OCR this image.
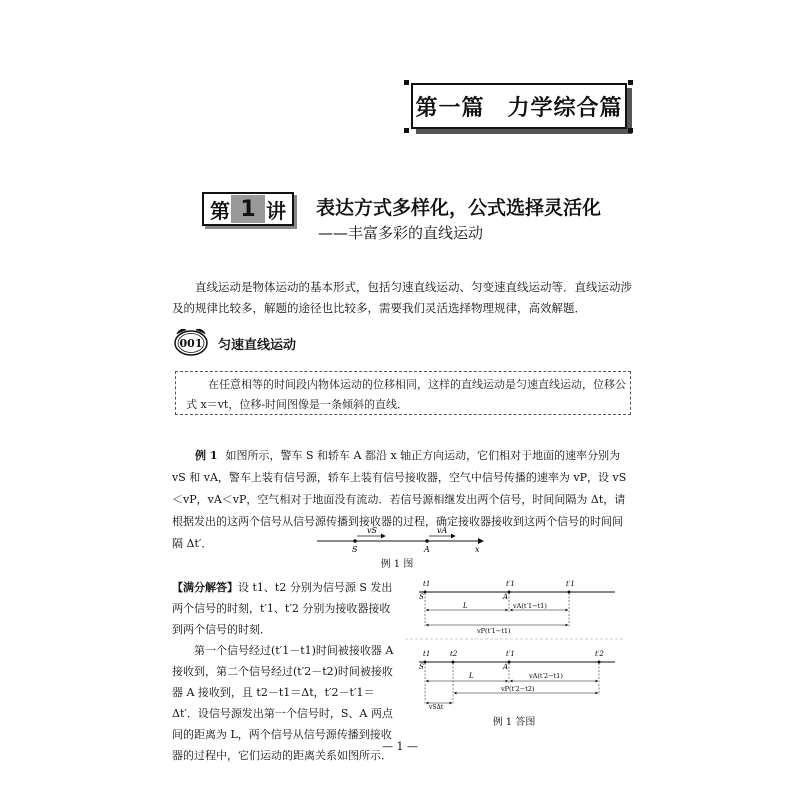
第一篇　力学综合篇
第 1 讲 表达方式多样化，公式选择灵活化
——丰富多彩的直线运动
直线运动是物体运动的基本形式，包括匀速直线运动、匀变速直线运动等．直线运动涉及的规律比较多，解题的途径也比较多，需要我们灵活选择物理规律，高效解题．
001 匀速直线运动
在任意相等的时间段内物体运动的位移相同，这样的直线运动是匀速直线运动，位移公式 x＝vt，位移-时间图像是一条倾斜的直线．
例 1 如图所示，警车 S 和轿车 A 都沿 x 轴正方向运动，它们相对于地面的速率分别为 vS 和 vA，警车上装有信号源，轿车上装有信号接收器，空气中信号传播的速率为 vP，设 vS＜vP，vA＜vP，空气相对于地面没有流动．若信号源相继发出两个信号，时间间隔为 Δt，请根据发出的这两个信号从信号源传播到接收器的过程，确定接收器接收到这两个信号的时间间隔 Δt′．
vS	vA
S	A	x
例 1 图

【满分解答】设 t1、t2 分别为信号源 S 发出两个信号的时刻，t′1、t′2 分别为接收器接收到两个信号的时刻．

第一个信号经过(t′1－t1)时间被接收器 A 接收到，第二个信号经过(t′2－t2)时间被接收器 A 接收到，且 t2－t1＝Δt，t′2－t′1＝Δt′．设信号源发出第一个信号时，S、A 两点间的距离为 L，两个信号从信号源传播到接收器的过程中，它们运动的距离关系如图所示．

t1	t′1	t′1
S	A
L	vA(t′1−t1)
vP(t′1−t1)
t1	t2	t′1	t′2
S	A
L	vA(t′2−t1)
vP(t′2−t2)
vSΔt
例 1 答图
— 1 —
